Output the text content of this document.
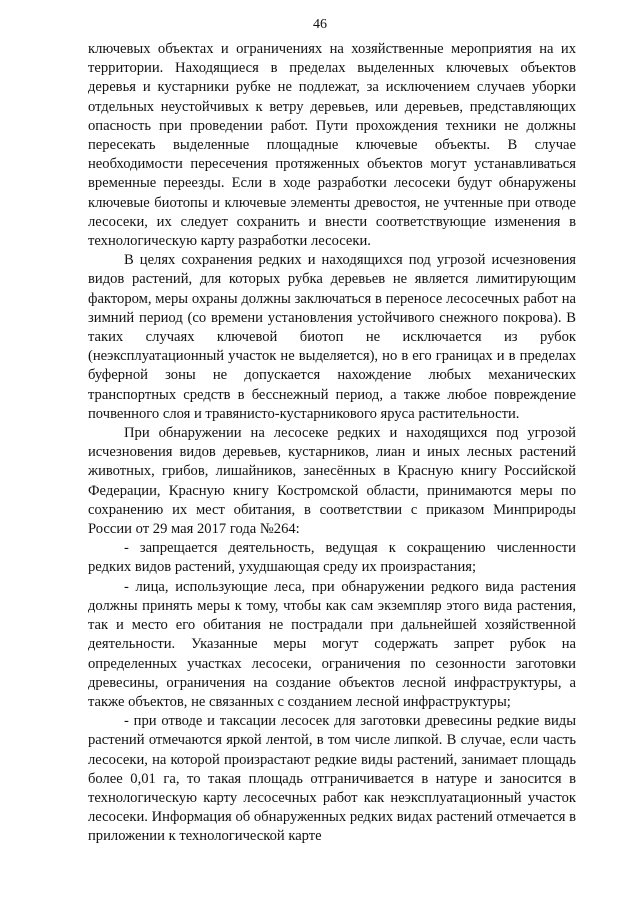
46

ключевых объектах и ограничениях на хозяйственные мероприятия на их территории. Находящиеся в пределах выделенных ключевых объектов деревья и кустарники рубке не подлежат, за исключением случаев уборки отдельных неустойчивых к ветру деревьев, или деревьев, представляющих опасность при проведении работ. Пути прохождения техники не должны пересекать выделенные площадные ключевые объекты. В случае необходимости пересечения протяженных объектов могут устанавливаться временные переезды. Если в ходе разработки лесосеки будут обнаружены ключевые биотопы и ключевые элементы древостоя, не учтенные при отводе лесосеки, их следует сохранить и внести соответствующие изменения в технологическую карту разработки лесосеки.

В целях сохранения редких и находящихся под угрозой исчезновения видов растений, для которых рубка деревьев не является лимитирующим фактором, меры охраны должны заключаться в переносе лесосечных работ на зимний период (со времени установления устойчивого снежного покрова). В таких случаях ключевой биотоп не исключается из рубок (неэксплуатационный участок не выделяется), но в его границах и в пределах буферной зоны не допускается нахождение любых механических транспортных средств в бесснежный период, а также любое повреждение почвенного слоя и травянисто-кустарникового яруса растительности.

При обнаружении на лесосеке редких и находящихся под угрозой исчезновения видов деревьев, кустарников, лиан и иных лесных растений животных, грибов, лишайников, занесённых в Красную книгу Российской Федерации, Красную книгу Костромской области, принимаются меры по сохранению их мест обитания, в соответствии с приказом Минприроды России от 29 мая 2017 года №264:

- запрещается деятельность, ведущая к сокращению численности редких видов растений, ухудшающая среду их произрастания;

- лица, использующие леса, при обнаружении редкого вида растения должны принять меры к тому, чтобы как сам экземпляр этого вида растения, так и место его обитания не пострадали при дальнейшей хозяйственной деятельности. Указанные меры могут содержать запрет рубок на определенных участках лесосеки, ограничения по сезонности заготовки древесины, ограничения на создание объектов лесной инфраструктуры, а также объектов, не связанных с созданием лесной инфраструктуры;

- при отводе и таксации лесосек для заготовки древесины редкие виды растений отмечаются яркой лентой, в том числе липкой. В случае, если часть лесосеки, на которой произрастают редкие виды растений, занимает площадь более 0,01 га, то такая площадь отграничивается в натуре и заносится в технологическую карту лесосечных работ как неэксплуатационный участок лесосеки. Информация об обнаруженных редких видах растений отмечается в приложении к технологической карте
